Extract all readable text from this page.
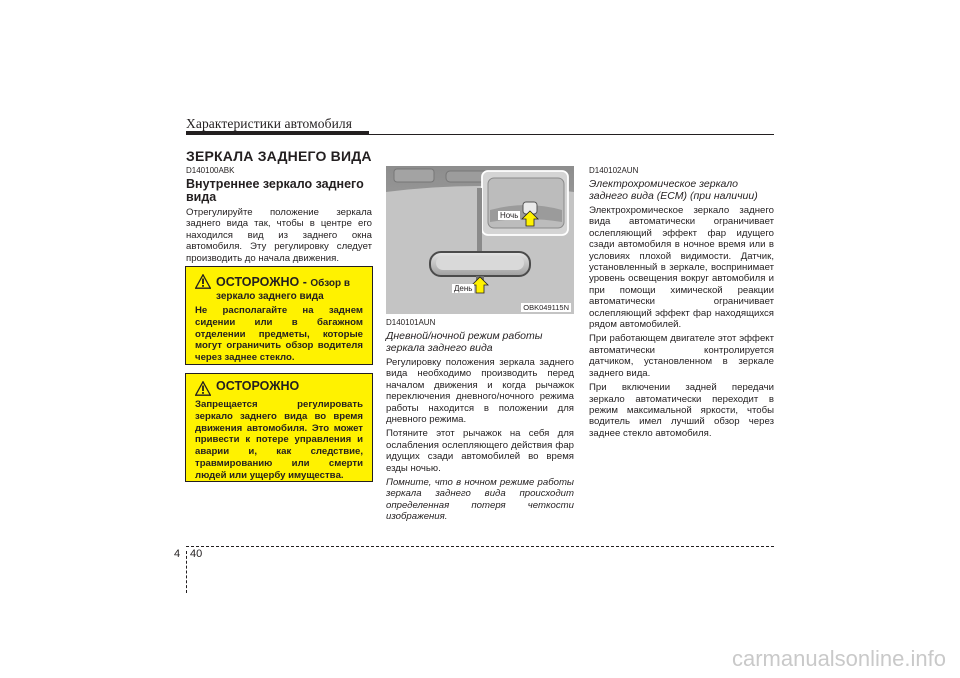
Характеристики автомобиля
ЗЕРКАЛА ЗАДНЕГО ВИДА
D140100ABK
Внутреннее зеркало заднего вида
Отрегулируйте положение зеркала заднего вида так, чтобы в центре его находился вид из заднего окна автомобиля. Эту регулировку следует производить до начала движения.
ОСТОРОЖНО - Обзор в
зеркало заднего вида
Не располагайте на заднем сидении или в багажном отделении предметы, которые могут ограничить обзор водителя через заднее стекло.
ОСТОРОЖНО
Запрещается регулировать зеркало заднего вида во время движения автомобиля. Это может привести к потере управления и аварии и, как следствие, травмированию или смерти людей или ущербу имуществa.
Ночь
День
OBK049115N
D140101AUN
Дневной/ночной режим работы зеркала заднего вида

Регулировку положения зеркала заднего вида необходимо производить перед началом движения и когда рычажок переключения дневного/ночного режима работы находится в положении для дневного режима.

Потяните этот рычажок на себя для ослабления ослепляющего действия фар идущих сзади автомобилей во время езды ночью.

Помните, что в ночном режиме работы зеркала заднего вида происходит определенная потеря четкости изображения.

D140102AUN
Электрохромическое зеркало заднего вида (ECM) (при наличии)

Электрохромическое зеркало заднего вида автоматически ограничивает ослепляющий эффект фар идущего сзади автомобиля в ночное время или в условиях плохой видимости. Датчик, установленный в зеркале, воспринимает уровень освещения вокруг автомобиля и при помощи химической реакции автоматически ограничивает ослепляющий эффект фар находящихся рядом автомобилей.

При работающем двигателе этот эффект автоматически контролируется датчиком, установленном в зеркале заднего вида.

При включении задней передачи зеркало автоматически переходит в режим максимальной яркости, чтобы водитель имел лучший обзор через заднее стекло автомобиля.

4 40
carmanualsonline.info
